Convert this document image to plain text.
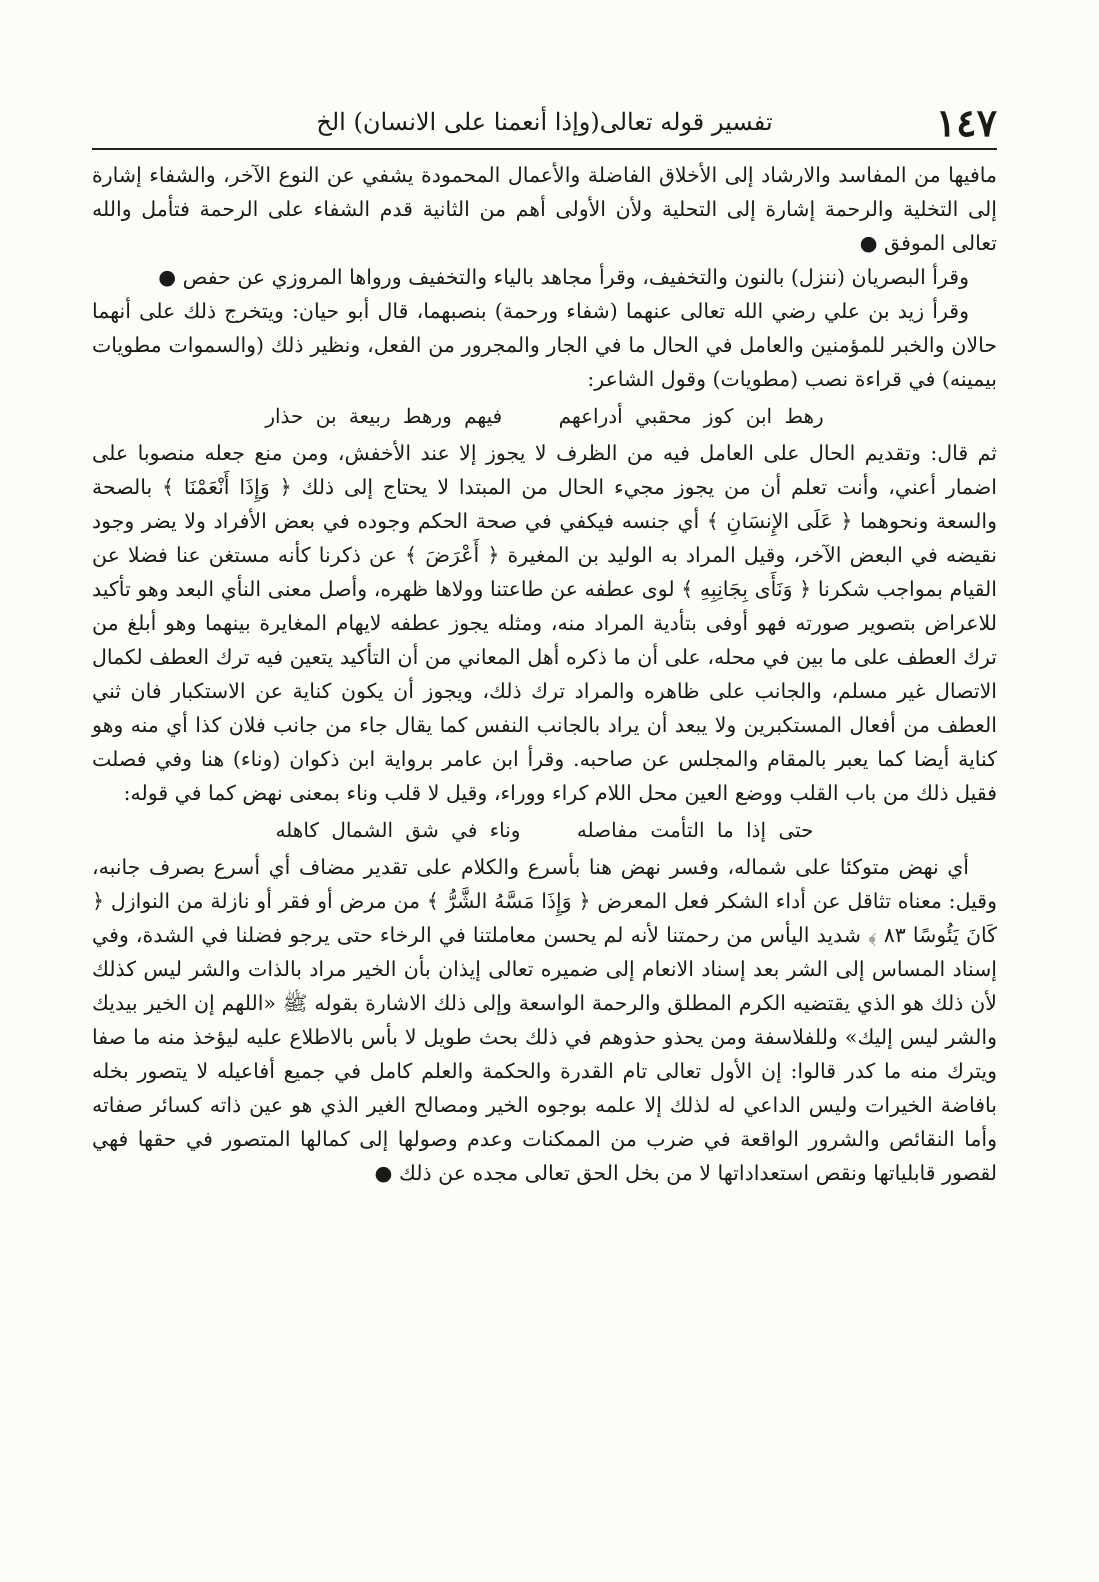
١٤٧
تفسير قوله تعالى(وإذا أنعمنا على الانسان) الخ

مافيها من المفاسد والارشاد إلى الأخلاق الفاضلة والأعمال المحمودة يشفي عن النوع الآخر، والشفاء إشارة إلى التخلية والرحمة إشارة إلى التحلية ولأن الأولى أهم من الثانية قدم الشفاء على الرحمة فتأمل والله تعالى الموفق ●

وقرأ البصريان (ننزل) بالنون والتخفيف، وقرأ مجاهد بالياء والتخفيف ورواها المروزي عن حفص ●

وقرأ زيد بن علي رضي الله تعالى عنهما (شفاء ورحمة) بنصبهما، قال أبو حيان: ويتخرج ذلك على أنهما حالان والخبر للمؤمنين والعامل في الحال ما في الجار والمجرور من الفعل، ونظير ذلك (والسموات مطويات بيمينه) في قراءة نصب (مطويات) وقول الشاعر:

رهط ابن كوز محقبي أدراعهم فيهم ورهط ربيعة بن حذار

ثم قال: وتقديم الحال على العامل فيه من الظرف لا يجوز إلا عند الأخفش، ومن منع جعله منصوبا على اضمار أعني، وأنت تعلم أن من يجوز مجيء الحال من المبتدا لا يحتاج إلى ذلك ﴿ وَإِذَا أَنْعَمْنَا ﴾ بالصحة والسعة ونحوهما ﴿ عَلَى الإِنسَانِ ﴾ أي جنسه فيكفي في صحة الحكم وجوده في بعض الأفراد ولا يضر وجود نقيضه في البعض الآخر، وقيل المراد به الوليد بن المغيرة ﴿ أَعْرَضَ ﴾ عن ذكرنا كأنه مستغن عنا فضلا عن القيام بمواجب شكرنا ﴿ وَنَأَى بِجَانِبِهِ ﴾ لوى عطفه عن طاعتنا وولاها ظهره، وأصل معنى النأي البعد وهو تأكيد للاعراض بتصوير صورته فهو أوفى بتأدية المراد منه، ومثله يجوز عطفه لايهام المغايرة بينهما وهو أبلغ من ترك العطف على ما بين في محله، على أن ما ذكره أهل المعاني من أن التأكيد يتعين فيه ترك العطف لكمال الاتصال غير مسلم، والجانب على ظاهره والمراد ترك ذلك، ويجوز أن يكون كناية عن الاستكبار فان ثني العطف من أفعال المستكبرين ولا يبعد أن يراد بالجانب النفس كما يقال جاء من جانب فلان كذا أي منه وهو كناية أيضا كما يعبر بالمقام والمجلس عن صاحبه. وقرأ ابن عامر برواية ابن ذكوان (وناء) هنا وفي فصلت فقيل ذلك من باب القلب ووضع العين محل اللام كراء ووراء، وقيل لا قلب وناء بمعنى نهض كما في قوله:

حتى إذا ما التأمت مفاصله وناء في شق الشمال كاهله

أي نهض متوكئا على شماله، وفسر نهض هنا بأسرع والكلام على تقدير مضاف أي أسرع بصرف جانبه، وقيل: معناه تثاقل عن أداء الشكر فعل المعرض ﴿ وَإِذَا مَسَّهُ الشَّرُّ ﴾ من مرض أو فقر أو نازلة من النوازل ﴿ كَانَ يَئُوسًا ٨٣ ﴾ شديد اليأس من رحمتنا لأنه لم يحسن معاملتنا في الرخاء حتى يرجو فضلنا في الشدة، وفي إسناد المساس إلى الشر بعد إسناد الانعام إلى ضميره تعالى إيذان بأن الخير مراد بالذات والشر ليس كذلك لأن ذلك هو الذي يقتضيه الكرم المطلق والرحمة الواسعة وإلى ذلك الاشارة بقوله ﷺ «اللهم إن الخير بيديك والشر ليس إليك» وللفلاسفة ومن يحذو حذوهم في ذلك بحث طويل لا بأس بالاطلاع عليه ليؤخذ منه ما صفا ويترك منه ما كدر قالوا: إن الأول تعالى تام القدرة والحكمة والعلم كامل في جميع أفاعيله لا يتصور بخله بافاضة الخيرات وليس الداعي له لذلك إلا علمه بوجوه الخير ومصالح الغير الذي هو عين ذاته كسائر صفاته وأما النقائص والشرور الواقعة في ضرب من الممكنات وعدم وصولها إلى كمالها المتصور في حقها فهي لقصور قابلياتها ونقص استعداداتها لا من بخل الحق تعالى مجده عن ذلك ●
